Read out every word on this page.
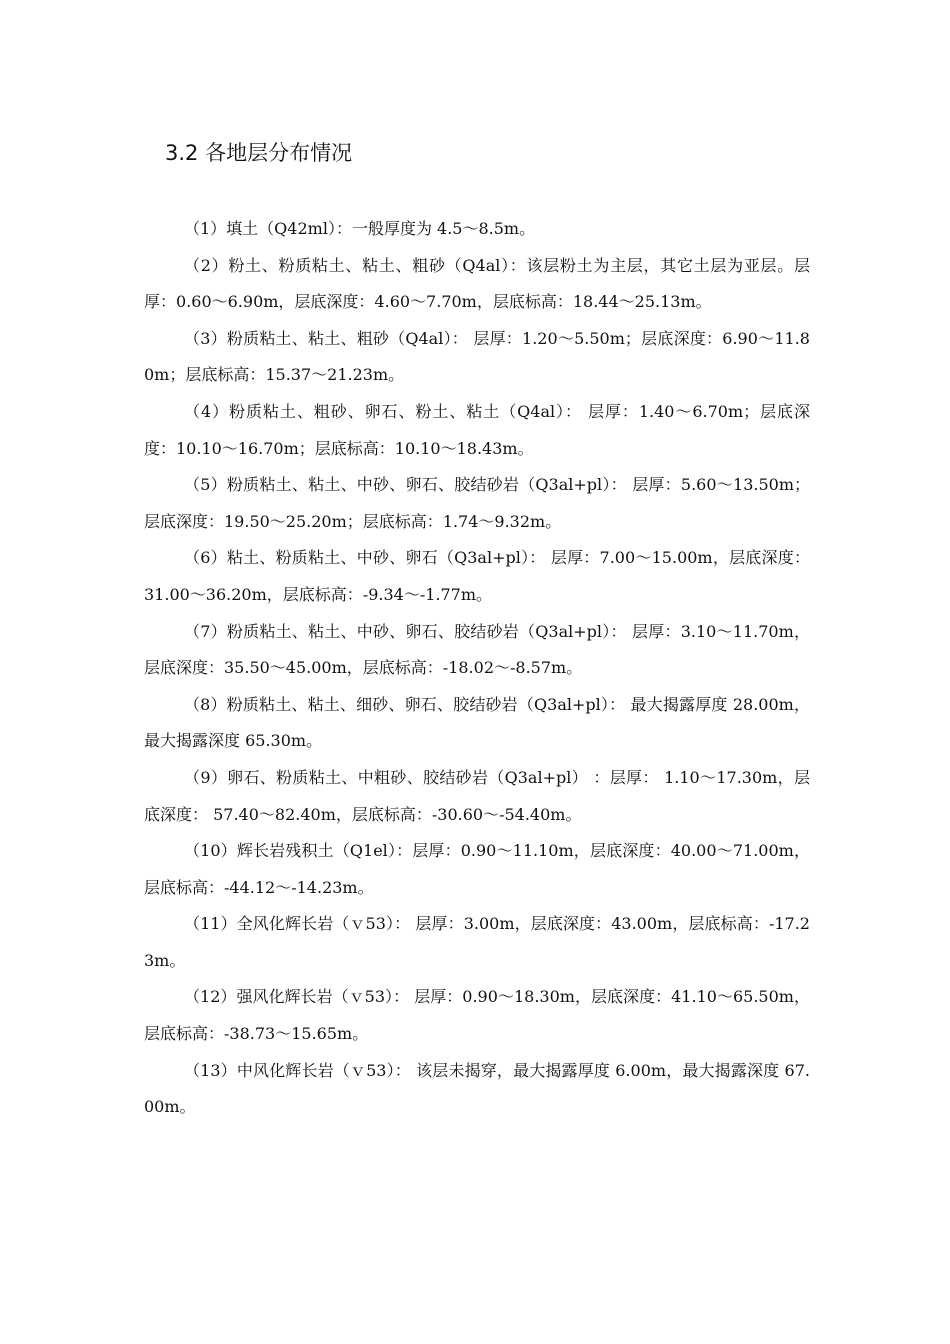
3.2 各地层分布情况

（1）填土（Q42ml）：一般厚度为 4.5～8.5m。

（2）粉土、粉质粘土、粘土、粗砂（Q4al）：该层粉土为主层，其它土层为亚层。层厚：0.60～6.90m，层底深度：4.60～7.70m，层底标高：18.44～25.13m。

（3）粉质粘土、粘土、粗砂（Q4al）： 层厚：1.20～5.50m；层底深度：6.90～11.80m；层底标高：15.37～21.23m。

（4）粉质粘土、粗砂、卵石、粉土、粘土（Q4al）： 层厚：1.40～6.70m；层底深度：10.10～16.70m；层底标高：10.10～18.43m。

（5）粉质粘土、粘土、中砂、卵石、胶结砂岩（Q3al+pl）： 层厚：5.60～13.50m；层底深度：19.50～25.20m；层底标高：1.74～9.32m。

（6）粘土、粉质粘土、中砂、卵石（Q3al+pl）： 层厚：7.00～15.00m，层底深度：31.00～36.20m，层底标高：-9.34～-1.77m。

（7）粉质粘土、粘土、中砂、卵石、胶结砂岩（Q3al+pl）： 层厚：3.10～11.70m，层底深度：35.50～45.00m，层底标高：-18.02～-8.57m。

（8）粉质粘土、粘土、细砂、卵石、胶结砂岩（Q3al+pl）： 最大揭露厚度 28.00m，最大揭露深度 65.30m。

（9）卵石、粉质粘土、中粗砂、胶结砂岩（Q3al+pl） ：层厚： 1.10～17.30m，层底深度： 57.40～82.40m，层底标高：-30.60～-54.40m。

（10）辉长岩残积土（Q1el）：层厚：0.90～11.10m，层底深度：40.00～71.00m，层底标高：-44.12～-14.23m。

（11）全风化辉长岩（ｖ53）： 层厚：3.00m，层底深度：43.00m，层底标高：-17.23m。

（12）强风化辉长岩（ｖ53）： 层厚：0.90～18.30m，层底深度：41.10～65.50m，层底标高：-38.73～15.65m。

（13）中风化辉长岩（ｖ53）： 该层未揭穿，最大揭露厚度 6.00m，最大揭露深度 67.00m。
